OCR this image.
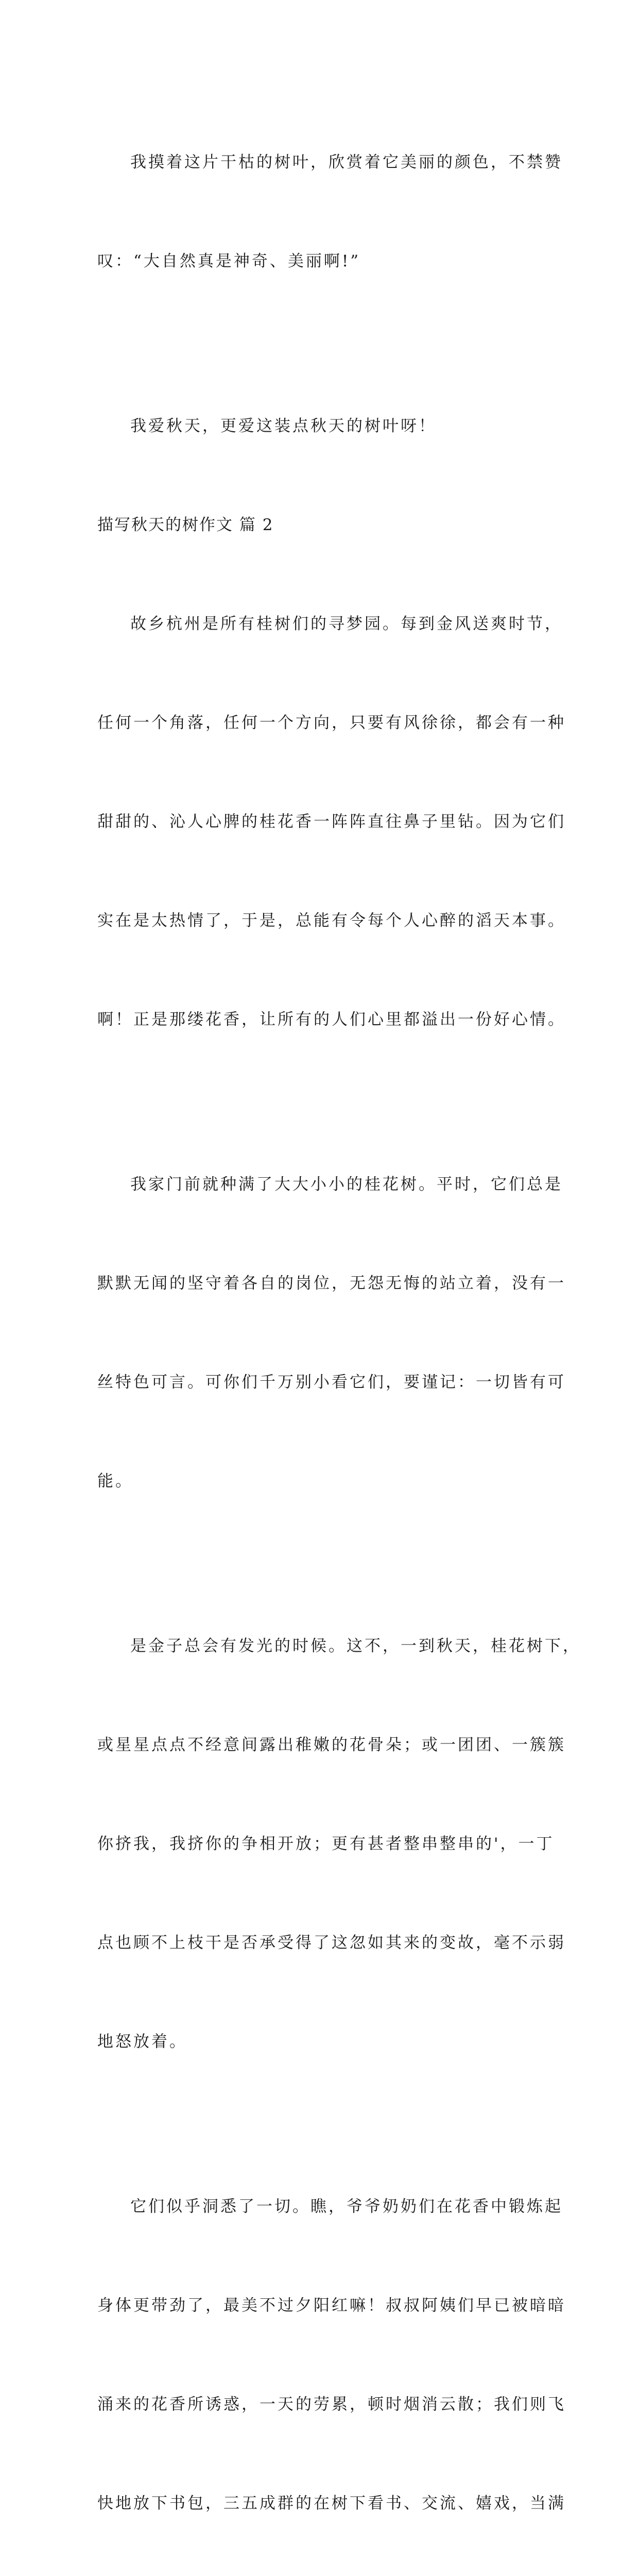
我摸着这片干枯的树叶，欣赏着它美丽的颜色，不禁赞

叹：“大自然真是神奇、美丽啊!”

我爱秋天，更爱这装点秋天的树叶呀！

描写秋天的树作文 篇 2

故乡杭州是所有桂树们的寻梦园。每到金风送爽时节，

任何一个角落，任何一个方向，只要有风徐徐，都会有一种

甜甜的、沁人心脾的桂花香一阵阵直往鼻子里钻。因为它们

实在是太热情了，于是，总能有令每个人心醉的滔天本事。

啊！正是那缕花香，让所有的人们心里都溢出一份好心情。

我家门前就种满了大大小小的桂花树。平时，它们总是

默默无闻的坚守着各自的岗位，无怨无悔的站立着，没有一

丝特色可言。可你们千万别小看它们，要谨记：一切皆有可

能。

是金子总会有发光的时候。这不，一到秋天，桂花树下，

或星星点点不经意间露出稚嫩的花骨朵；或一团团、一簇簇

你挤我，我挤你的争相开放；更有甚者整串整串的'，一丁

点也顾不上枝干是否承受得了这忽如其来的变故，毫不示弱

地怒放着。

它们似乎洞悉了一切。瞧，爷爷奶奶们在花香中锻炼起

身体更带劲了，最美不过夕阳红嘛！叔叔阿姨们早已被暗暗

涌来的花香所诱惑，一天的劳累，顿时烟消云散；我们则飞

快地放下书包，三五成群的在树下看书、交流、嬉戏，当满
